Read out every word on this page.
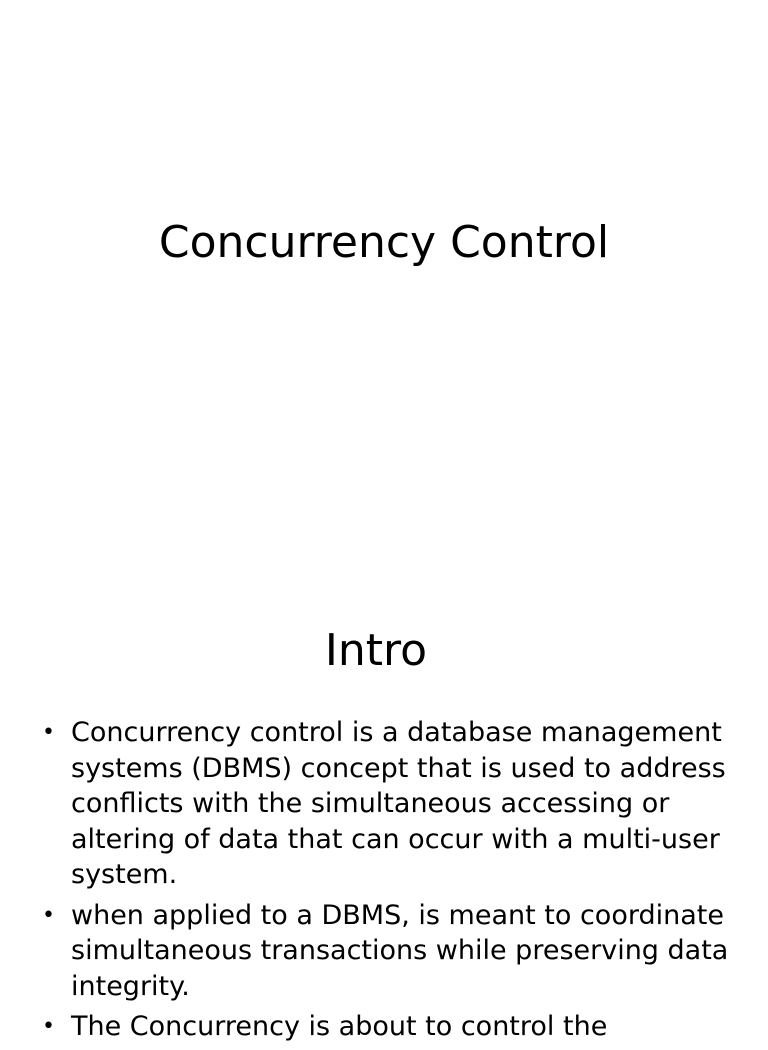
Concurrency Control
Intro
• Concurrency control is a database management systems (DBMS) concept that is used to address conflicts with the simultaneous accessing or altering of data that can occur with a multi-user system.
• when applied to a DBMS, is meant to coordinate simultaneous transactions while preserving data integrity.
• The Concurrency is about to control the
